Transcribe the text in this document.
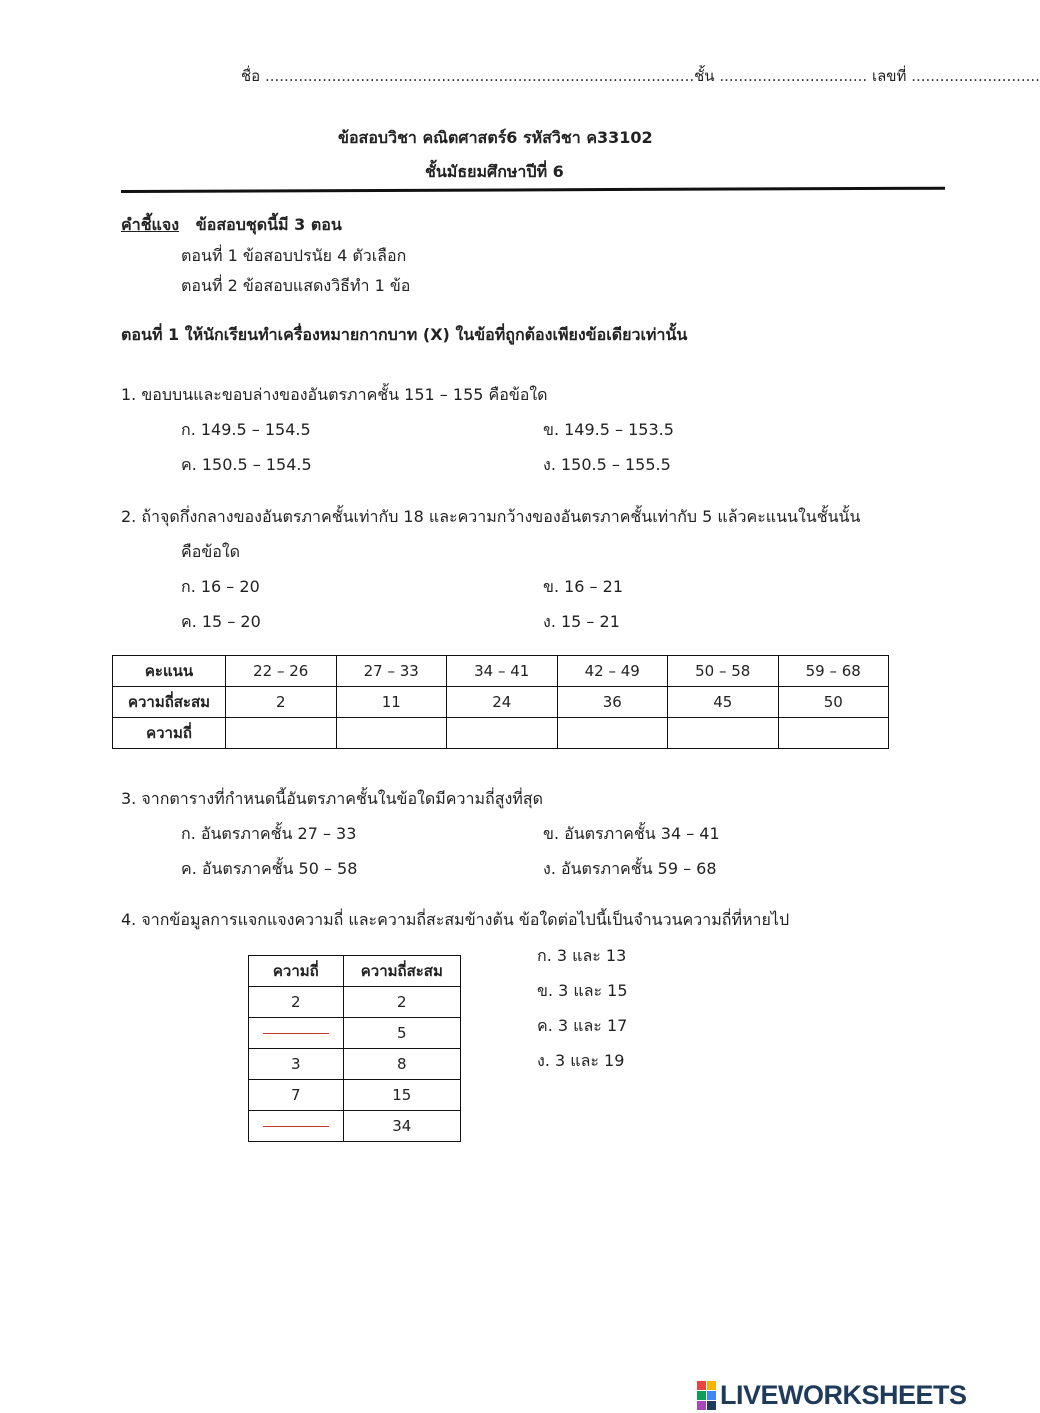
ชื่อ ..........................................................................................ชั้น ............................... เลขที่ ...........................
ข้อสอบวิชา คณิตศาสตร์6 รหัสวิชา ค33102
ชั้นมัธยมศึกษาปีที่ 6
คำชี้แจง ข้อสอบชุดนี้มี 3 ตอน
ตอนที่ 1 ข้อสอบปรนัย 4 ตัวเลือก
ตอนที่ 2 ข้อสอบแสดงวิธีทำ 1 ข้อ
ตอนที่ 1 ให้นักเรียนทำเครื่องหมายกากบาท (X) ในข้อที่ถูกต้องเพียงข้อเดียวเท่านั้น
1. ขอบบนและขอบล่างของอันตรภาคชั้น 151 – 155 คือข้อใด
ก. 149.5 – 154.5	ข. 149.5 – 153.5
ค. 150.5 – 154.5	ง. 150.5 – 155.5
2. ถ้าจุดกึ่งกลางของอันตรภาคชั้นเท่ากับ 18 และความกว้างของอันตรภาคชั้นเท่ากับ 5 แล้วคะแนนในชั้นนั้น
คือข้อใด
ก. 16 – 20	ข. 16 – 21
ค. 15 – 20	ง. 15 – 21
คะแนน	22 – 26	27 – 33	34 – 41	42 – 49	50 – 58	59 – 68
ความถี่สะสม	2	11	24	36	45	50
ความถี่						
3. จากตารางที่กำหนดนี้อันตรภาคชั้นในข้อใดมีความถี่สูงที่สุด
ก. อันตรภาคชั้น 27 – 33	ข. อันตรภาคชั้น 34 – 41
ค. อันตรภาคชั้น 50 – 58	ง. อันตรภาคชั้น 59 – 68
4. จากข้อมูลการแจกแจงความถี่ และความถี่สะสมข้างต้น ข้อใดต่อไปนี้เป็นจำนวนความถี่ที่หายไป
ความถี่	ความถี่สะสม
2	2
	5
3	8
7	15
	34
ก. 3 และ 13
ข. 3 และ 15
ค. 3 และ 17
ง. 3 และ 19
LIVEWORKSHEETS
